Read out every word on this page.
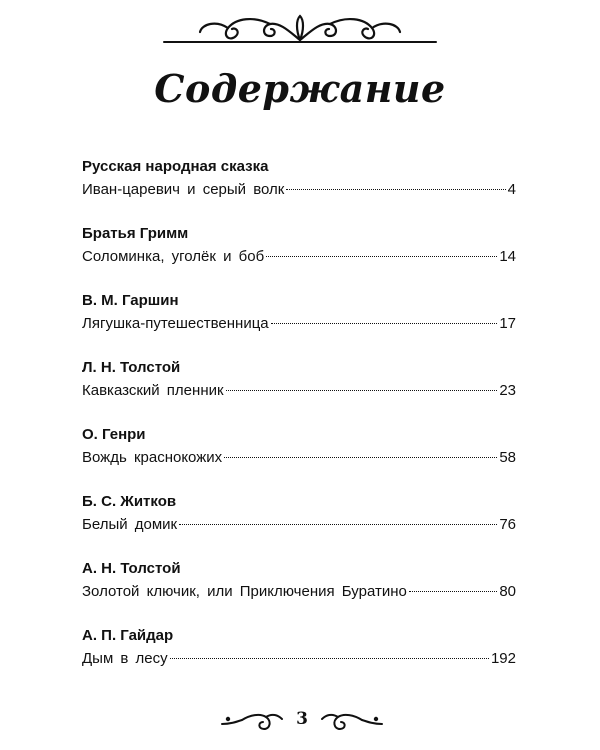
Содержание
Русская народная сказка
Иван-царевич и серый волк	4
Братья Гримм
Соломинка, уголёк и боб	14
В. М. Гаршин
Лягушка-путешественница	17
Л. Н. Толстой
Кавказский пленник	23
О. Генри
Вождь краснокожих	58
Б. С. Житков
Белый домик	76
А. Н. Толстой
Золотой ключик, или Приключения Буратино	80
А. П. Гайдар
Дым в лесу	192
3
